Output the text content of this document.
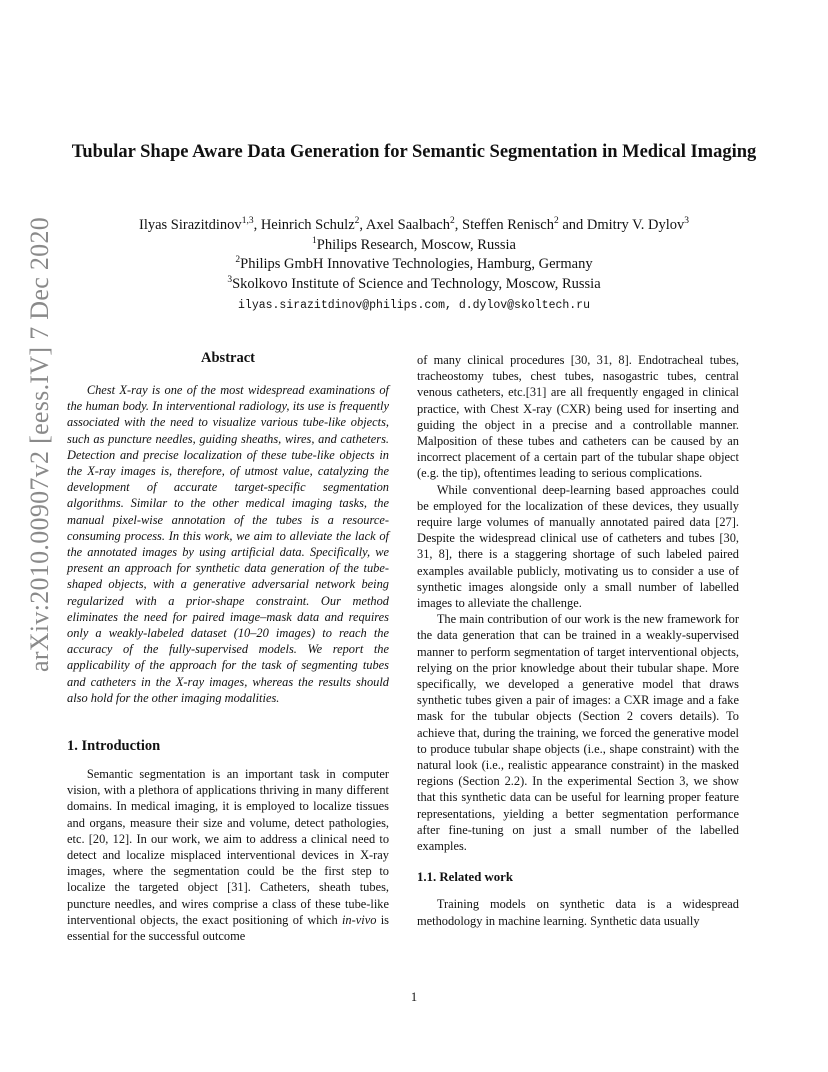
arXiv:2010.00907v2 [eess.IV] 7 Dec 2020
Tubular Shape Aware Data Generation for Semantic Segmentation in Medical Imaging
Ilyas Sirazitdinov$^{1,3}$, Heinrich Schulz$^2$, Axel Saalbach$^2$, Steffen Renisch$^2$ and Dmitry V. Dylov$^3$
$^1$Philips Research, Moscow, Russia
$^2$Philips GmbH Innovative Technologies, Hamburg, Germany
$^3$Skolkovo Institute of Science and Technology, Moscow, Russia
ilyas.sirazitdinov@philips.com, d.dylov@skoltech.ru
Abstract

Chest X-ray is one of the most widespread examinations of the human body. In interventional radiology, its use is frequently associated with the need to visualize various tube-like objects, such as puncture needles, guiding sheaths, wires, and catheters. Detection and precise localization of these tube-like objects in the X-ray images is, therefore, of utmost value, catalyzing the development of accurate target-specific segmentation algorithms. Similar to the other medical imaging tasks, the manual pixel-wise annotation of the tubes is a resource-consuming process. In this work, we aim to alleviate the lack of the annotated images by using artificial data. Specifically, we present an approach for synthetic data generation of the tube-shaped objects, with a generative adversarial network being regularized with a prior-shape constraint. Our method eliminates the need for paired image–mask data and requires only a weakly-labeled dataset (10–20 images) to reach the accuracy of the fully-supervised models. We report the applicability of the approach for the task of segmenting tubes and catheters in the X-ray images, whereas the results should also hold for the other imaging modalities.

1. Introduction

Semantic segmentation is an important task in computer vision, with a plethora of applications thriving in many different domains. In medical imaging, it is employed to localize tissues and organs, measure their size and volume, detect pathologies, etc. [20, 12]. In our work, we aim to address a clinical need to detect and localize misplaced interventional devices in X-ray images, where the segmentation could be the first step to localize the targeted object [31]. Catheters, sheath tubes, puncture needles, and wires comprise a class of these tube-like interventional objects, the exact positioning of which in-vivo is essential for the successful outcome

of many clinical procedures [30, 31, 8]. Endotracheal tubes, tracheostomy tubes, chest tubes, nasogastric tubes, central venous catheters, etc.[31] are all frequently engaged in clinical practice, with Chest X-ray (CXR) being used for inserting and guiding the object in a precise and a controllable manner. Malposition of these tubes and catheters can be caused by an incorrect placement of a certain part of the tubular shape object (e.g. the tip), oftentimes leading to serious complications.

While conventional deep-learning based approaches could be employed for the localization of these devices, they usually require large volumes of manually annotated paired data [27]. Despite the widespread clinical use of catheters and tubes [30, 31, 8], there is a staggering shortage of such labeled paired examples available publicly, motivating us to consider a use of synthetic images alongside only a small number of labelled images to alleviate the challenge.

The main contribution of our work is the new framework for the data generation that can be trained in a weakly-supervised manner to perform segmentation of target interventional objects, relying on the prior knowledge about their tubular shape. More specifically, we developed a generative model that draws synthetic tubes given a pair of images: a CXR image and a fake mask for the tubular objects (Section 2 covers details). To achieve that, during the training, we forced the generative model to produce tubular shape objects (i.e., shape constraint) with the natural look (i.e., realistic appearance constraint) in the masked regions (Section 2.2). In the experimental Section 3, we show that this synthetic data can be useful for learning proper feature representations, yielding a better segmentation performance after fine-tuning on just a small number of the labelled examples.

1.1. Related work

Training models on synthetic data is a widespread methodology in machine learning. Synthetic data usually

1
